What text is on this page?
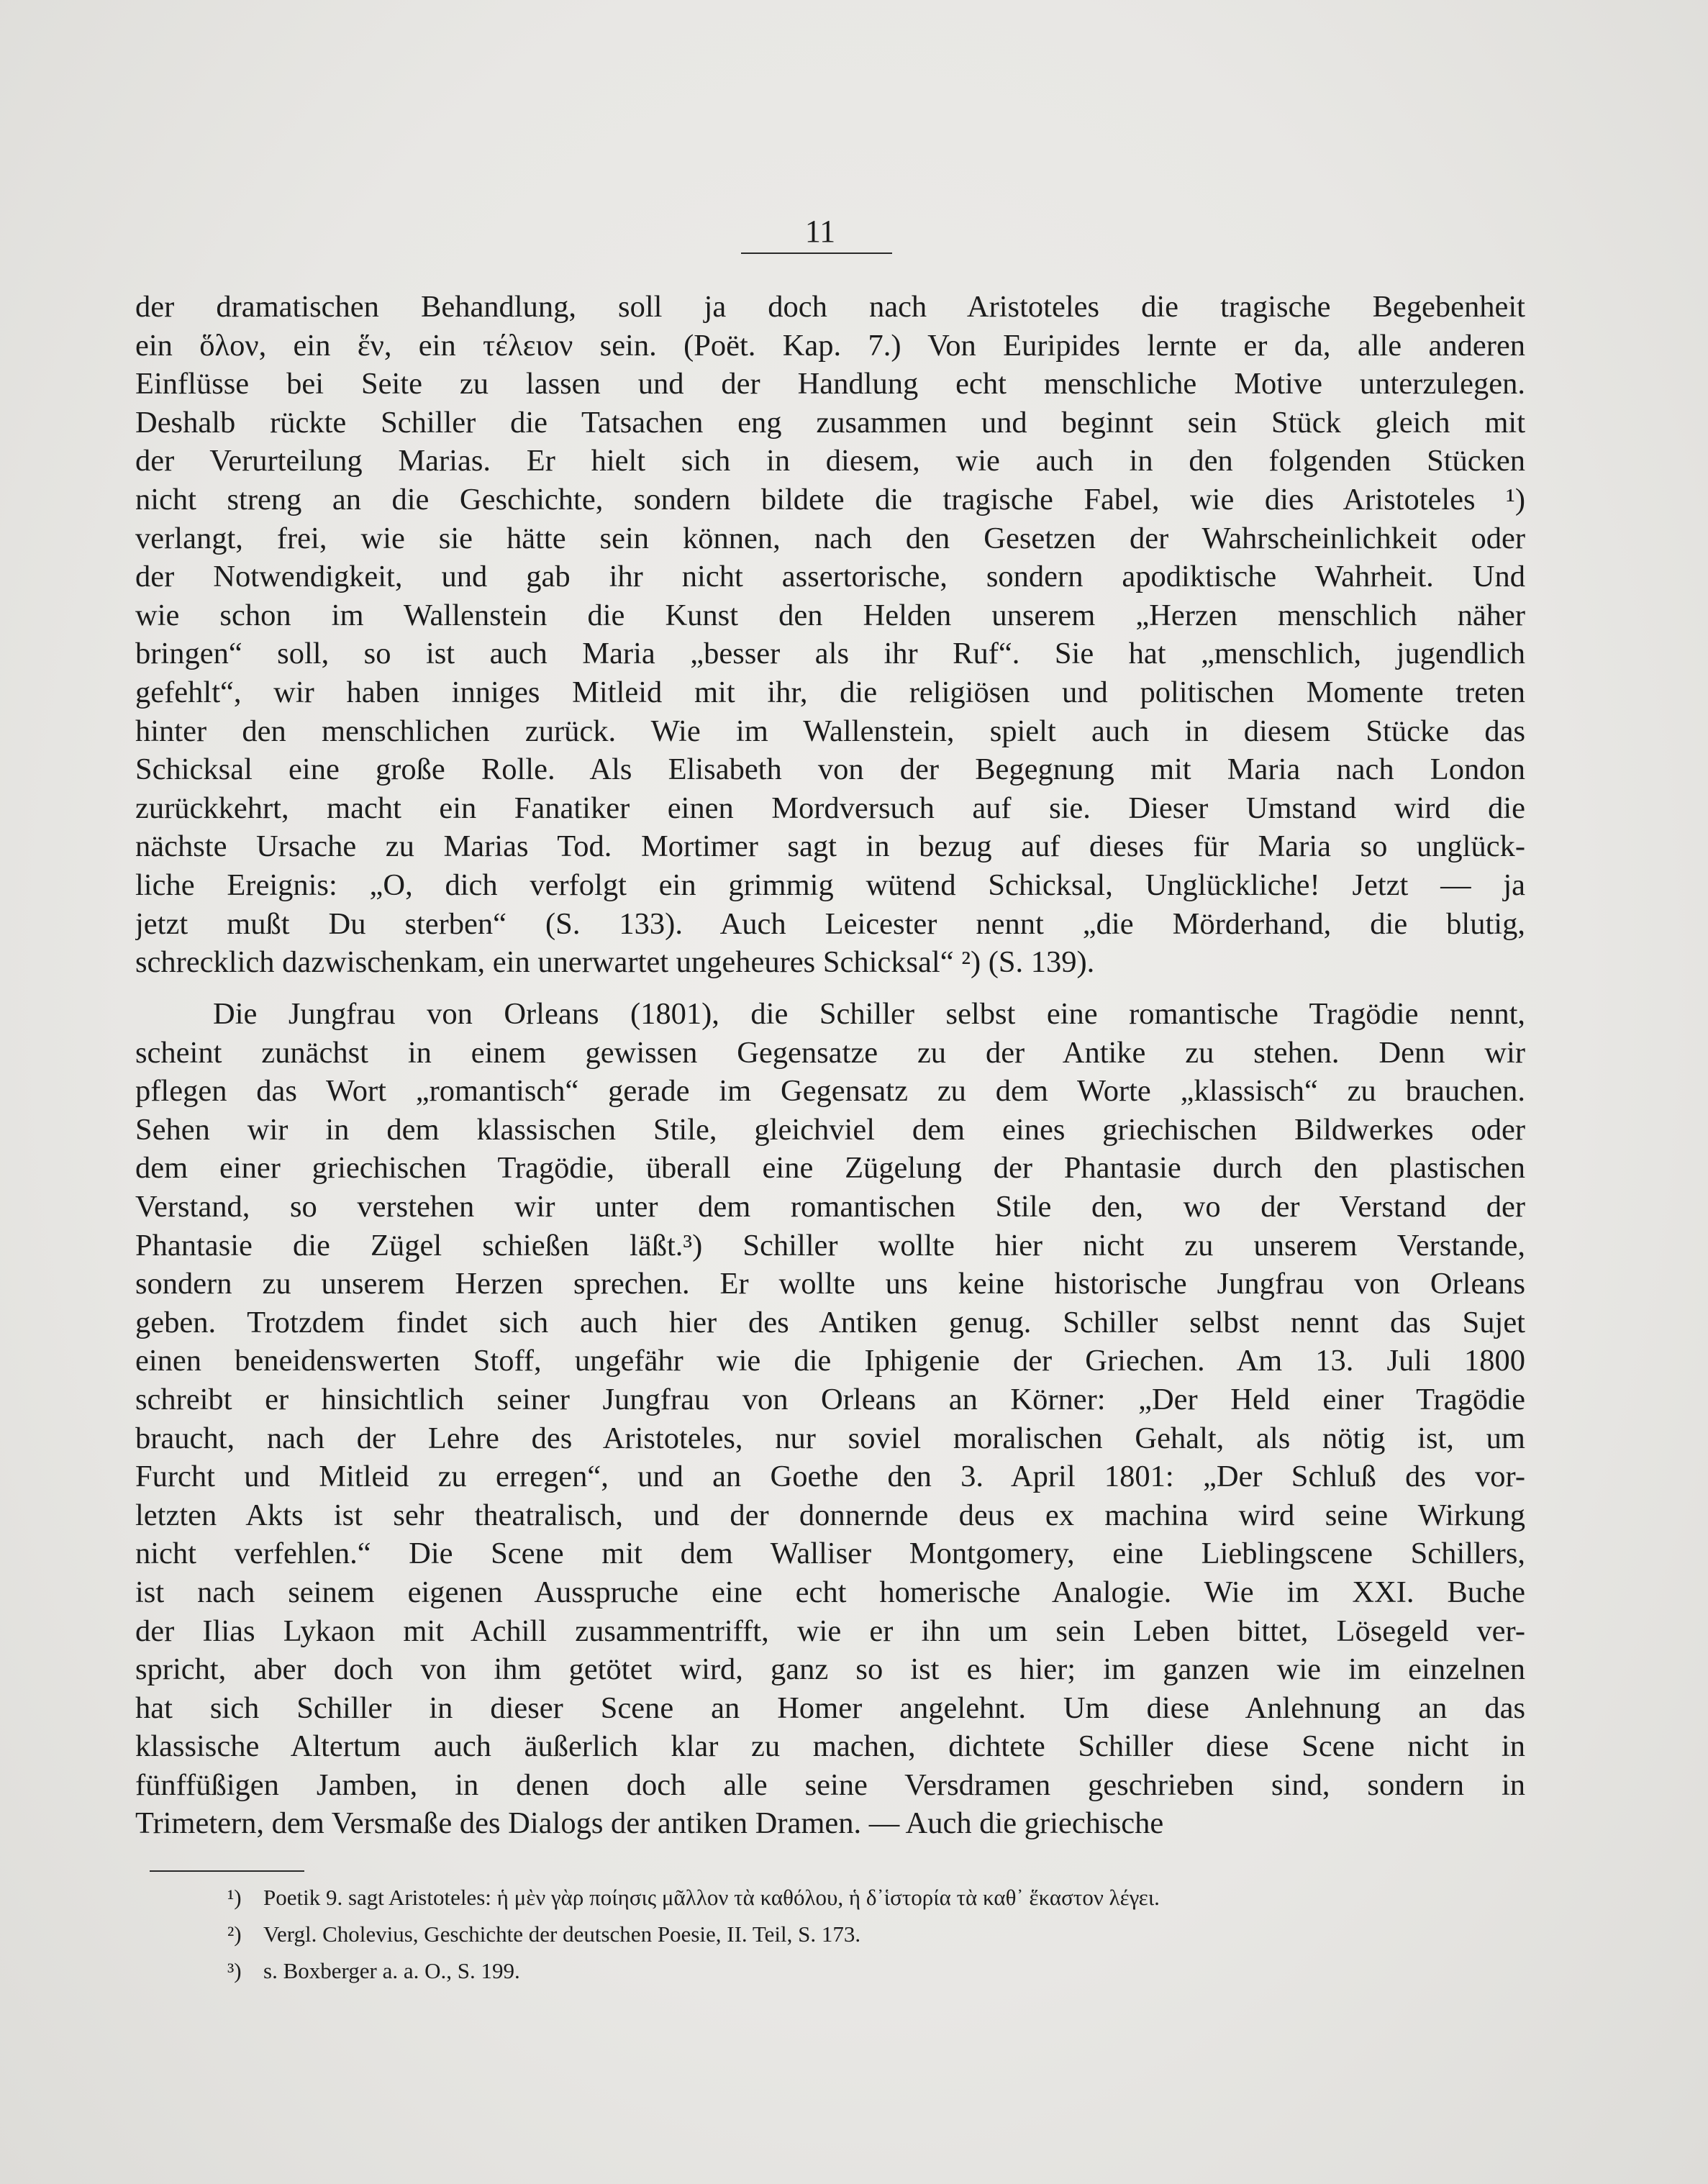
11
der dramatischen Behandlung, soll ja doch nach Aristoteles die tragische Begebenheit
ein ὅλον, ein ἕν, ein τέλειον sein. (Poët. Kap. 7.) Von Euripides lernte er da, alle anderen
Einflüsse bei Seite zu lassen und der Handlung echt menschliche Motive unterzulegen.
Deshalb rückte Schiller die Tatsachen eng zusammen und beginnt sein Stück gleich mit
der Verurteilung Marias. Er hielt sich in diesem, wie auch in den folgenden Stücken
nicht streng an die Geschichte, sondern bildete die tragische Fabel, wie dies Aristoteles ¹)
verlangt, frei, wie sie hätte sein können, nach den Gesetzen der Wahrscheinlichkeit oder
der Notwendigkeit, und gab ihr nicht assertorische, sondern apodiktische Wahrheit. Und
wie schon im Wallenstein die Kunst den Helden unserem „Herzen menschlich näher
bringen“ soll, so ist auch Maria „besser als ihr Ruf“. Sie hat „menschlich, jugendlich
gefehlt“, wir haben inniges Mitleid mit ihr, die religiösen und politischen Momente treten
hinter den menschlichen zurück. Wie im Wallenstein, spielt auch in diesem Stücke das
Schicksal eine große Rolle. Als Elisabeth von der Begegnung mit Maria nach London
zurückkehrt, macht ein Fanatiker einen Mordversuch auf sie. Dieser Umstand wird die
nächste Ursache zu Marias Tod. Mortimer sagt in bezug auf dieses für Maria so unglück-
liche Ereignis: „O, dich verfolgt ein grimmig wütend Schicksal, Unglückliche! Jetzt — ja
jetzt mußt Du sterben“ (S. 133). Auch Leicester nennt „die Mörderhand, die blutig,
schrecklich dazwischenkam, ein unerwartet ungeheures Schicksal“ ²) (S. 139).
Die Jungfrau von Orleans (1801), die Schiller selbst eine romantische Tragödie nennt,
scheint zunächst in einem gewissen Gegensatze zu der Antike zu stehen. Denn wir
pflegen das Wort „romantisch“ gerade im Gegensatz zu dem Worte „klassisch“ zu brauchen.
Sehen wir in dem klassischen Stile, gleichviel dem eines griechischen Bildwerkes oder
dem einer griechischen Tragödie, überall eine Zügelung der Phantasie durch den plastischen
Verstand, so verstehen wir unter dem romantischen Stile den, wo der Verstand der
Phantasie die Zügel schießen läßt.³) Schiller wollte hier nicht zu unserem Verstande,
sondern zu unserem Herzen sprechen. Er wollte uns keine historische Jungfrau von Orleans
geben. Trotzdem findet sich auch hier des Antiken genug. Schiller selbst nennt das Sujet
einen beneidenswerten Stoff, ungefähr wie die Iphigenie der Griechen. Am 13. Juli 1800
schreibt er hinsichtlich seiner Jungfrau von Orleans an Körner: „Der Held einer Tragödie
braucht, nach der Lehre des Aristoteles, nur soviel moralischen Gehalt, als nötig ist, um
Furcht und Mitleid zu erregen“, und an Goethe den 3. April 1801: „Der Schluß des vor-
letzten Akts ist sehr theatralisch, und der donnernde deus ex machina wird seine Wirkung
nicht verfehlen.“ Die Scene mit dem Walliser Montgomery, eine Lieblingscene Schillers,
ist nach seinem eigenen Ausspruche eine echt homerische Analogie. Wie im XXI. Buche
der Ilias Lykaon mit Achill zusammentrifft, wie er ihn um sein Leben bittet, Lösegeld ver-
spricht, aber doch von ihm getötet wird, ganz so ist es hier; im ganzen wie im einzelnen
hat sich Schiller in dieser Scene an Homer angelehnt. Um diese Anlehnung an das
klassische Altertum auch äußerlich klar zu machen, dichtete Schiller diese Scene nicht in
fünffüßigen Jamben, in denen doch alle seine Versdramen geschrieben sind, sondern in
Trimetern, dem Versmaße des Dialogs der antiken Dramen. — Auch die griechische
¹) Poetik 9. sagt Aristoteles: ἡ μὲν γὰρ ποίησις μᾶλλον τὰ καθόλου, ἡ δ᾽ἱστορία τὰ καθ᾽ ἕκαστον λέγει.
²) Vergl. Cholevius, Geschichte der deutschen Poesie, II. Teil, S. 173.
³) s. Boxberger a. a. O., S. 199.
